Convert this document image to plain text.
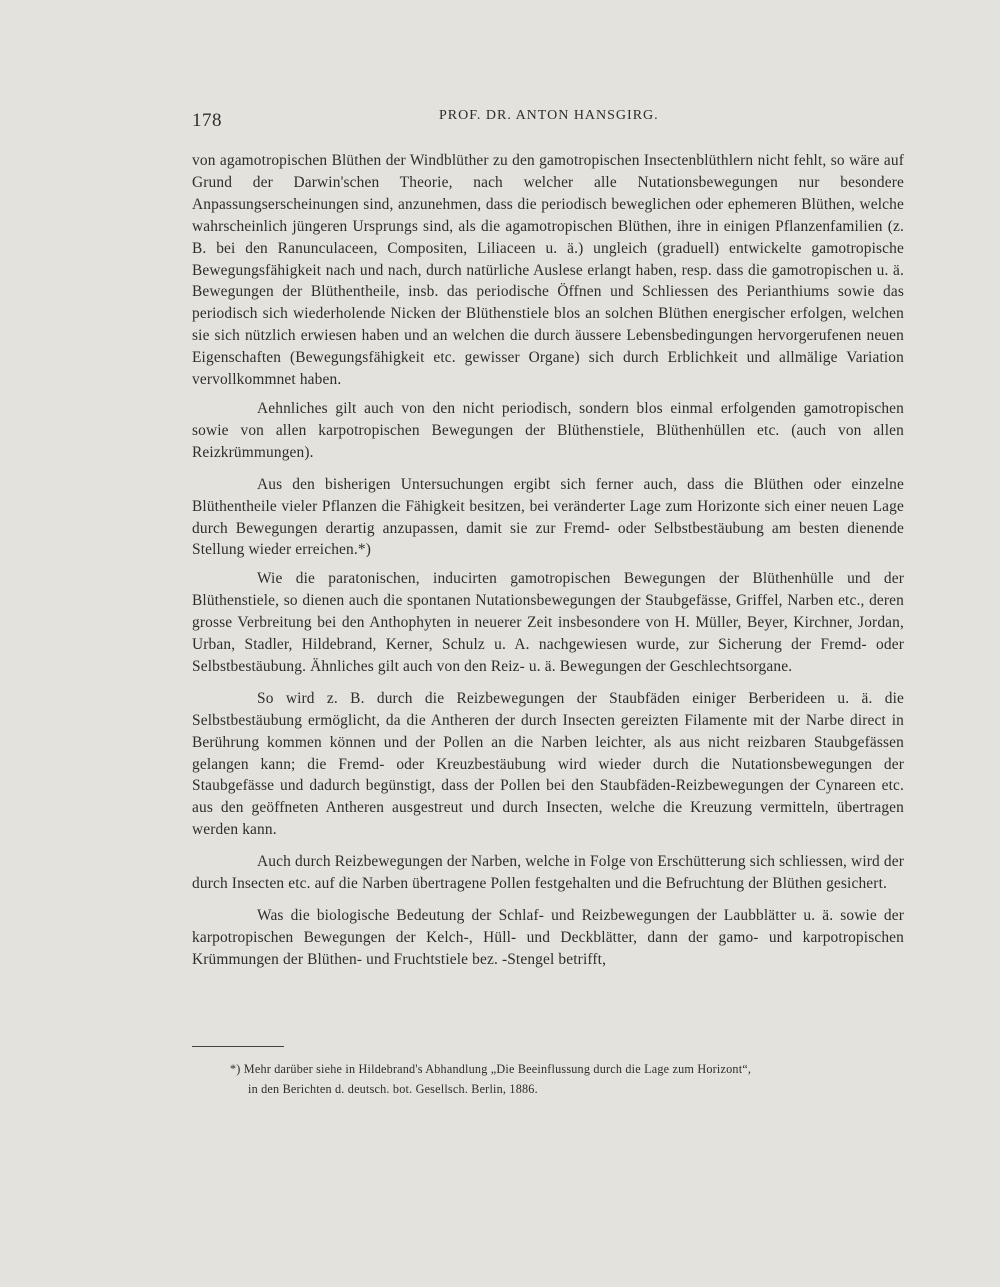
178	PROF. DR. ANTON HANSGIRG.

von agamotropischen Blüthen der Windblüther zu den gamotropischen Insectenblüthlern nicht fehlt, so wäre auf Grund der Darwin'schen Theorie, nach welcher alle Nutationsbewegungen nur besondere Anpassungserscheinungen sind, anzunehmen, dass die periodisch beweglichen oder ephemeren Blüthen, welche wahrscheinlich jüngeren Ursprungs sind, als die agamotropischen Blüthen, ihre in einigen Pflanzenfamilien (z. B. bei den Ranunculaceen, Compositen, Liliaceen u. ä.) ungleich (graduell) entwickelte gamotropische Bewegungsfähigkeit nach und nach, durch natürliche Auslese erlangt haben, resp. dass die gamotropischen u. ä. Bewegungen der Blüthentheile, insb. das periodische Öffnen und Schliessen des Perianthiums sowie das periodisch sich wiederholende Nicken der Blüthenstiele blos an solchen Blüthen energischer erfolgen, welchen sie sich nützlich erwiesen haben und an welchen die durch äussere Lebensbedingungen hervorgerufenen neuen Eigenschaften (Bewegungsfähigkeit etc. gewisser Organe) sich durch Erblichkeit und allmälige Variation vervollkommnet haben.

Aehnliches gilt auch von den nicht periodisch, sondern blos einmal erfolgenden gamotropischen sowie von allen karpotropischen Bewegungen der Blüthenstiele, Blüthenhüllen etc. (auch von allen Reizkrümmungen).

Aus den bisherigen Untersuchungen ergibt sich ferner auch, dass die Blüthen oder einzelne Blüthentheile vieler Pflanzen die Fähigkeit besitzen, bei veränderter Lage zum Horizonte sich einer neuen Lage durch Bewegungen derartig anzupassen, damit sie zur Fremd- oder Selbstbestäubung am besten dienende Stellung wieder erreichen.*)

Wie die paratonischen, inducirten gamotropischen Bewegungen der Blüthenhülle und der Blüthenstiele, so dienen auch die spontanen Nutationsbewegungen der Staubgefässe, Griffel, Narben etc., deren grosse Verbreitung bei den Anthophyten in neuerer Zeit insbesondere von H. Müller, Beyer, Kirchner, Jordan, Urban, Stadler, Hildebrand, Kerner, Schulz u. A. nachgewiesen wurde, zur Sicherung der Fremd- oder Selbstbestäubung. Ähnliches gilt auch von den Reiz- u. ä. Bewegungen der Geschlechtsorgane.

So wird z. B. durch die Reizbewegungen der Staubfäden einiger Berberideen u. ä. die Selbstbestäubung ermöglicht, da die Antheren der durch Insecten gereizten Filamente mit der Narbe direct in Berührung kommen können und der Pollen an die Narben leichter, als aus nicht reizbaren Staubgefässen gelangen kann; die Fremd- oder Kreuzbestäubung wird wieder durch die Nutationsbewegungen der Staubgefässe und dadurch begünstigt, dass der Pollen bei den Staubfäden-Reizbewegungen der Cynareen etc. aus den geöffneten Antheren ausgestreut und durch Insecten, welche die Kreuzung vermitteln, übertragen werden kann.

Auch durch Reizbewegungen der Narben, welche in Folge von Erschütterung sich schliessen, wird der durch Insecten etc. auf die Narben übertragene Pollen festgehalten und die Befruchtung der Blüthen gesichert.

Was die biologische Bedeutung der Schlaf- und Reizbewegungen der Laubblätter u. ä. sowie der karpotropischen Bewegungen der Kelch-, Hüll- und Deckblätter, dann der gamo- und karpotropischen Krümmungen der Blüthen- und Fruchtstiele bez. -Stengel betrifft,

*) Mehr darüber siehe in Hildebrand's Abhandlung „Die Beeinflussung durch die Lage zum Horizont“,
in den Berichten d. deutsch. bot. Gesellsch. Berlin, 1886.
